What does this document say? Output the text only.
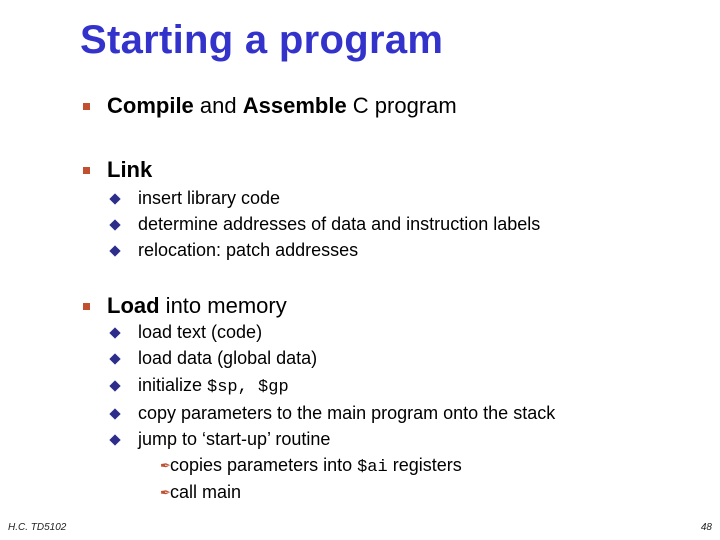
Starting a program
Compile and Assemble C program
Link
insert library code
determine addresses of data and instruction labels
relocation: patch addresses
Load into memory
load text (code)
load data (global data)
initialize $sp, $gp
copy parameters to the main program onto the stack
jump to ‘start-up’ routine
✒ copies parameters into $ai registers
✒ call main
H.C. TD5102	48
